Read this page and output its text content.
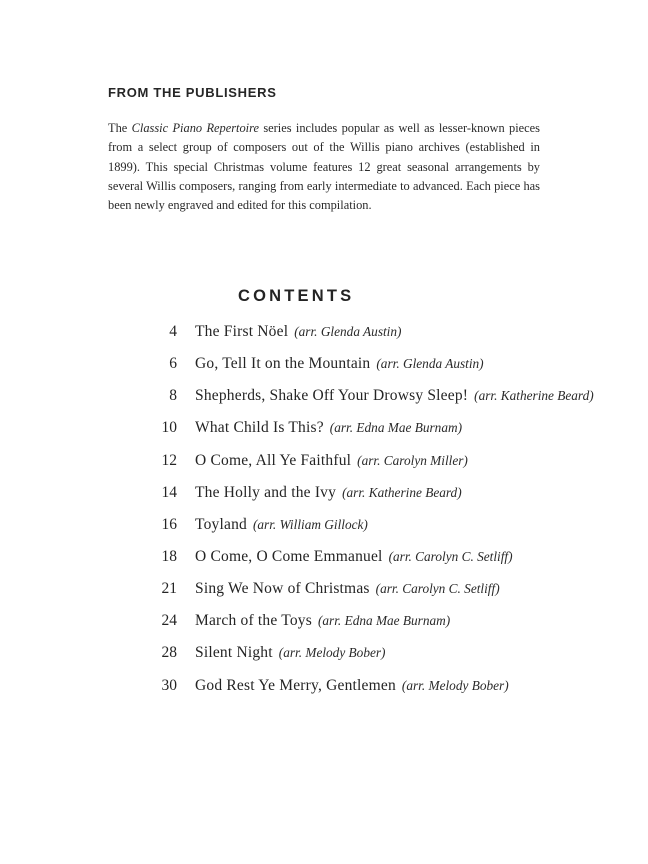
FROM THE PUBLISHERS

The Classic Piano Repertoire series includes popular as well as lesser-known pieces from a select group of composers out of the Willis piano archives (established in 1899). This special Christmas volume features 12 great seasonal arrangements by several Willis composers, ranging from early intermediate to advanced. Each piece has been newly engraved and edited for this compilation.

CONTENTS
4 The First Nöel (arr. Glenda Austin)
6 Go, Tell It on the Mountain (arr. Glenda Austin)
8 Shepherds, Shake Off Your Drowsy Sleep! (arr. Katherine Beard)
10 What Child Is This? (arr. Edna Mae Burnam)
12 O Come, All Ye Faithful (arr. Carolyn Miller)
14 The Holly and the Ivy (arr. Katherine Beard)
16 Toyland (arr. William Gillock)
18 O Come, O Come Emmanuel (arr. Carolyn C. Setliff)
21 Sing We Now of Christmas (arr. Carolyn C. Setliff)
24 March of the Toys (arr. Edna Mae Burnam)
28 Silent Night (arr. Melody Bober)
30 God Rest Ye Merry, Gentlemen (arr. Melody Bober)
